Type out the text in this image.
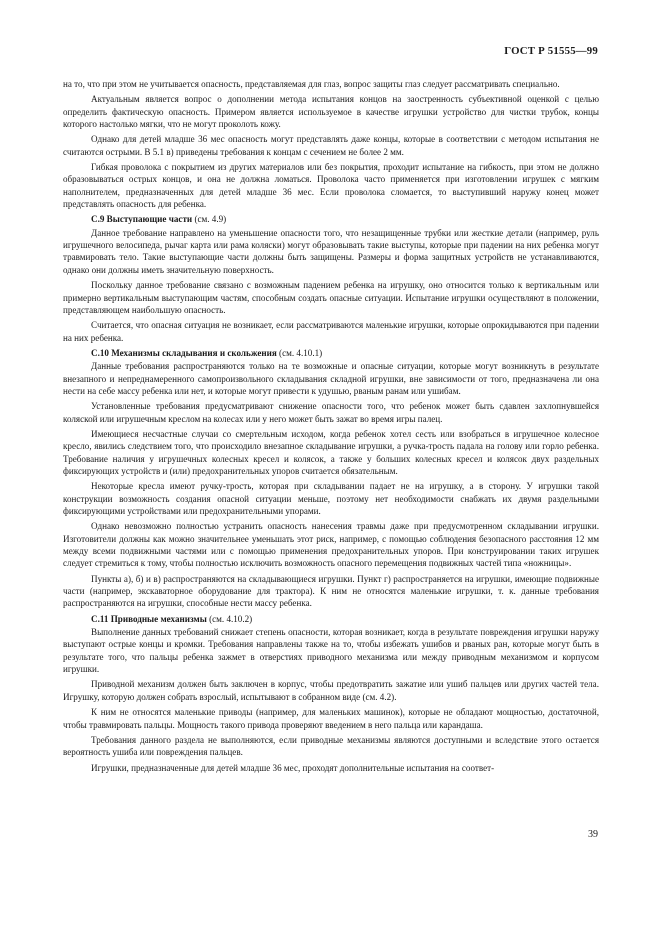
ГОСТ Р 51555—99

на то, что при этом не учитывается опасность, представляемая для глаз, вопрос защиты глаз следует рассматривать специально.

Актуальным является вопрос о дополнении метода испытания концов на заостренность субъективной оценкой с целью определить фактическую опасность. Примером является используемое в качестве игрушки устройство для чистки трубок, концы которого настолько мягки, что не могут проколоть кожу.

Однако для детей младше 36 мес опасность могут представлять даже концы, которые в соответствии с методом испытания не считаются острыми. В 5.1 в) приведены требования к концам с сечением не более 2 мм.

Гибкая проволока с покрытием из других материалов или без покрытия, проходит испытание на гибкость, при этом не должно образовываться острых концов, и она не должна ломаться. Проволока часто применяется при изготовлении игрушек с мягким наполнителем, предназначенных для детей младше 36 мес. Если проволока сломается, то выступивший наружу конец может представлять опасность для ребенка.

С.9 Выступающие части (см. 4.9)

Данное требование направлено на уменьшение опасности того, что незащищенные трубки или жесткие детали (например, руль игрушечного велосипеда, рычаг карта или рама коляски) могут образовывать такие выступы, которые при падении на них ребенка могут травмировать тело. Такие выступающие части должны быть защищены. Размеры и форма защитных устройств не устанавливаются, однако они должны иметь значительную поверхность.

Поскольку данное требование связано с возможным падением ребенка на игрушку, оно относится только к вертикальным или примерно вертикальным выступающим частям, способным создать опасные ситуации. Испытание игрушки осуществляют в положении, представляющем наибольшую опасность.

Считается, что опасная ситуация не возникает, если рассматриваются маленькие игрушки, которые опрокидываются при падении на них ребенка.

С.10 Механизмы складывания и скольжения (см. 4.10.1)

Данные требования распространяются только на те возможные и опасные ситуации, которые могут возникнуть в результате внезапного и непреднамеренного самопроизвольного складывания складной игрушки, вне зависимости от того, предназначена ли она нести на себе массу ребенка или нет, и которые могут привести к удушью, рваным ранам или ушибам.

Установленные требования предусматривают снижение опасности того, что ребенок может быть сдавлен захлопнувшейся коляской или игрушечным креслом на колесах или у него может быть зажат во время игры палец.

Имеющиеся несчастные случаи со смертельным исходом, когда ребенок хотел сесть или взобраться в игрушечное колесное кресло, явились следствием того, что происходило внезапное складывание игрушки, а ручка-трость падала на голову или горло ребенка. Требование наличия у игрушечных колесных кресел и колясок, а также у больших колесных кресел и колясок двух раздельных фиксирующих устройств и (или) предохранительных упоров считается обязательным.

Некоторые кресла имеют ручку-трость, которая при складывании падает не на игрушку, а в сторону. У игрушки такой конструкции возможность создания опасной ситуации меньше, поэтому нет необходимости снабжать их двумя раздельными фиксирующими устройствами или предохранительными упорами.

Однако невозможно полностью устранить опасность нанесения травмы даже при предусмотренном складывании игрушки. Изготовители должны как можно значительнее уменьшать этот риск, например, с помощью соблюдения безопасного расстояния 12 мм между всеми подвижными частями или с помощью применения предохранительных упоров. При конструировании таких игрушек следует стремиться к тому, чтобы полностью исключить возможность опасного перемещения подвижных частей типа «ножницы».

Пункты а), б) и в) распространяются на складывающиеся игрушки. Пункт г) распространяется на игрушки, имеющие подвижные части (например, экскаваторное оборудование для трактора). К ним не относятся маленькие игрушки, т. к. данные требования распространяются на игрушки, способные нести массу ребенка.

С.11 Приводные механизмы (см. 4.10.2)

Выполнение данных требований снижает степень опасности, которая возникает, когда в результате повреждения игрушки наружу выступают острые концы и кромки. Требования направлены также на то, чтобы избежать ушибов и рваных ран, которые могут быть в результате того, что пальцы ребенка зажмет в отверстиях приводного механизма или между приводным механизмом и корпусом игрушки.

Приводной механизм должен быть заключен в корпус, чтобы предотвратить зажатие или ушиб пальцев или других частей тела. Игрушку, которую должен собрать взрослый, испытывают в собранном виде (см. 4.2).

К ним не относятся маленькие приводы (например, для маленьких машинок), которые не обладают мощностью, достаточной, чтобы травмировать пальцы. Мощность такого привода проверяют введением в него пальца или карандаша.

Требования данного раздела не выполняются, если приводные механизмы являются доступными и вследствие этого остается вероятность ушиба или повреждения пальцев.

Игрушки, предназначенные для детей младше 36 мес, проходят дополнительные испытания на соответ-

39
